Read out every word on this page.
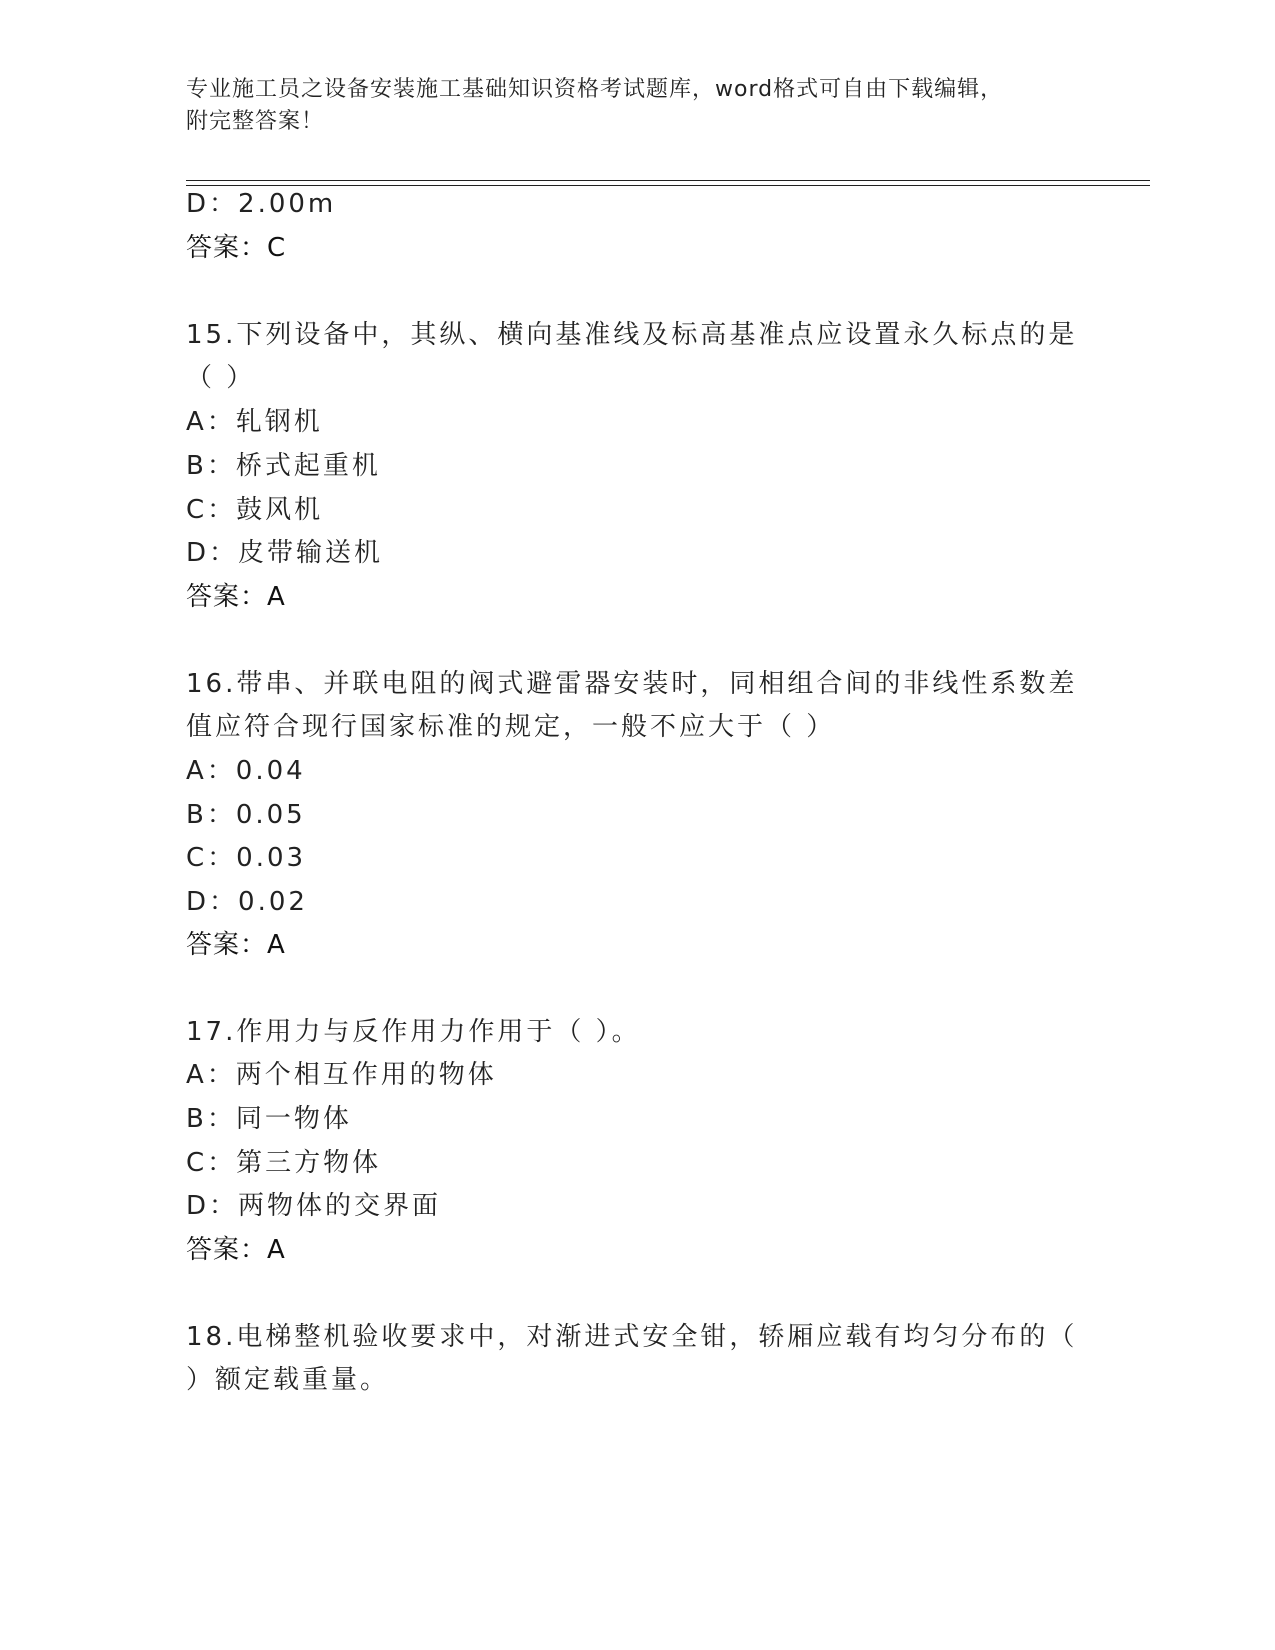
专业施工员之设备安装施工基础知识资格考试题库，word格式可自由下载编辑，
附完整答案！
D：2.00m
答案：C
15.下列设备中，其纵、横向基准线及标高基准点应设置永久标点的是
（ ）
A：轧钢机
B：桥式起重机
C：鼓风机
D：皮带输送机
答案：A
16.带串、并联电阻的阀式避雷器安装时，同相组合间的非线性系数差
值应符合现行国家标准的规定，一般不应大于（ ）
A：0.04
B：0.05
C：0.03
D：0.02
答案：A
17.作用力与反作用力作用于（ ）。
A：两个相互作用的物体
B：同一物体
C：第三方物体
D：两物体的交界面
答案：A
18.电梯整机验收要求中，对渐进式安全钳，轿厢应载有均匀分布的（
）额定载重量。
